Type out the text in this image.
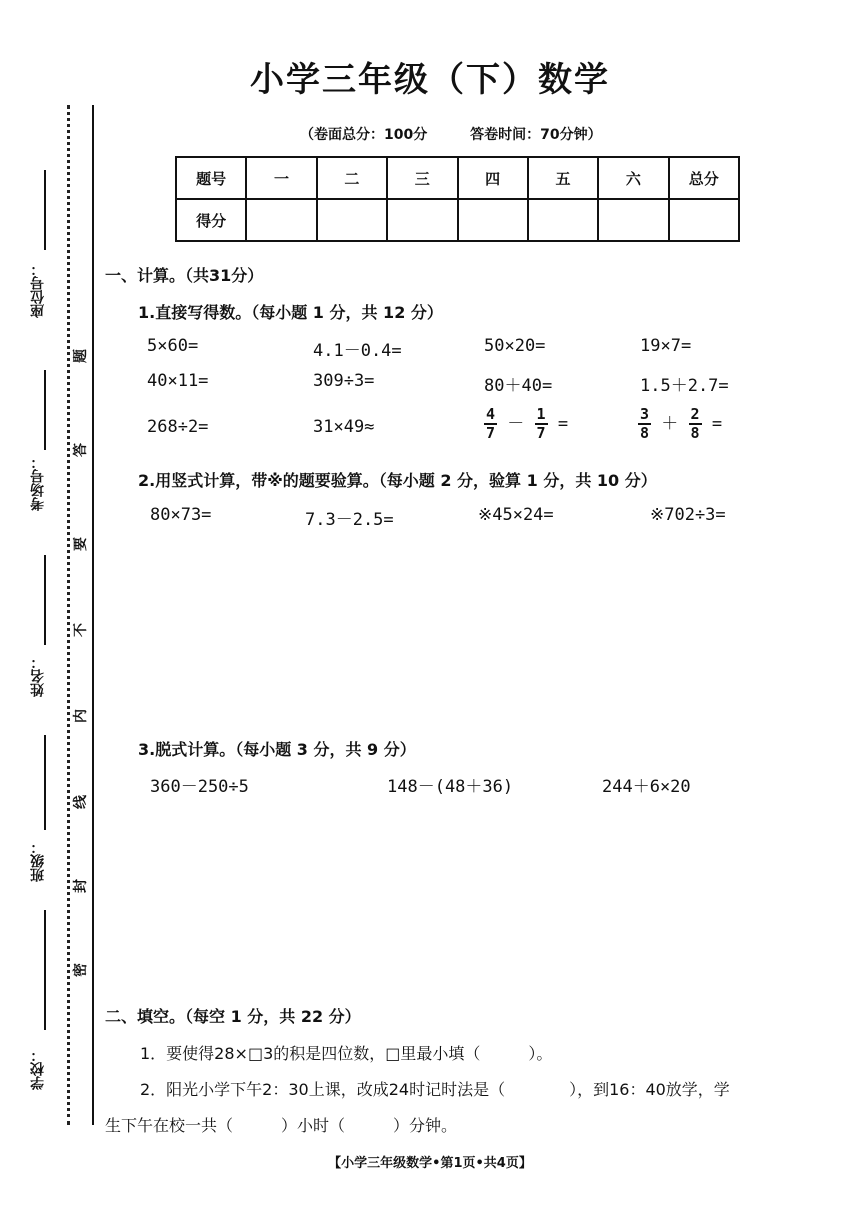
小学三年级（下）数学
（卷面总分：100分	答卷时间：70分钟）
题号	一	二	三	四	五	六	总分
得分							
座位号：
考场号：
姓名：
班级：
学校：
题
答
要
不
内
线
封
密
一、计算。（共31分）
1.直接写得数。（每小题 1 分，共 12 分）
5×60=	4.1－0.4=	50×20=	19×7=
40×11=	309÷3=	80＋40=	1.5＋2.7=
268÷2=	31×49≈	$\frac{4}{7} - \frac{1}{7}$ =	$\frac{3}{8} + \frac{2}{8}$ =
2.用竖式计算，带※的题要验算。（每小题 2 分，验算 1 分，共 10 分）
80×73=	7.3－2.5=	※45×24=	※702÷3=
3.脱式计算。（每小题 3 分，共 9 分）
360－250÷5	148－(48＋36)	244＋6×20
二、填空。（每空 1 分，共 22 分）
1．要使得28×□3的积是四位数，□里最小填（　　　）。
2．阳光小学下午2：30上课，改成24时记时法是（　　　　），到16：40放学，学
生下午在校一共（　　　）小时（　　　）分钟。
【小学三年级数学•第1页•共4页】
